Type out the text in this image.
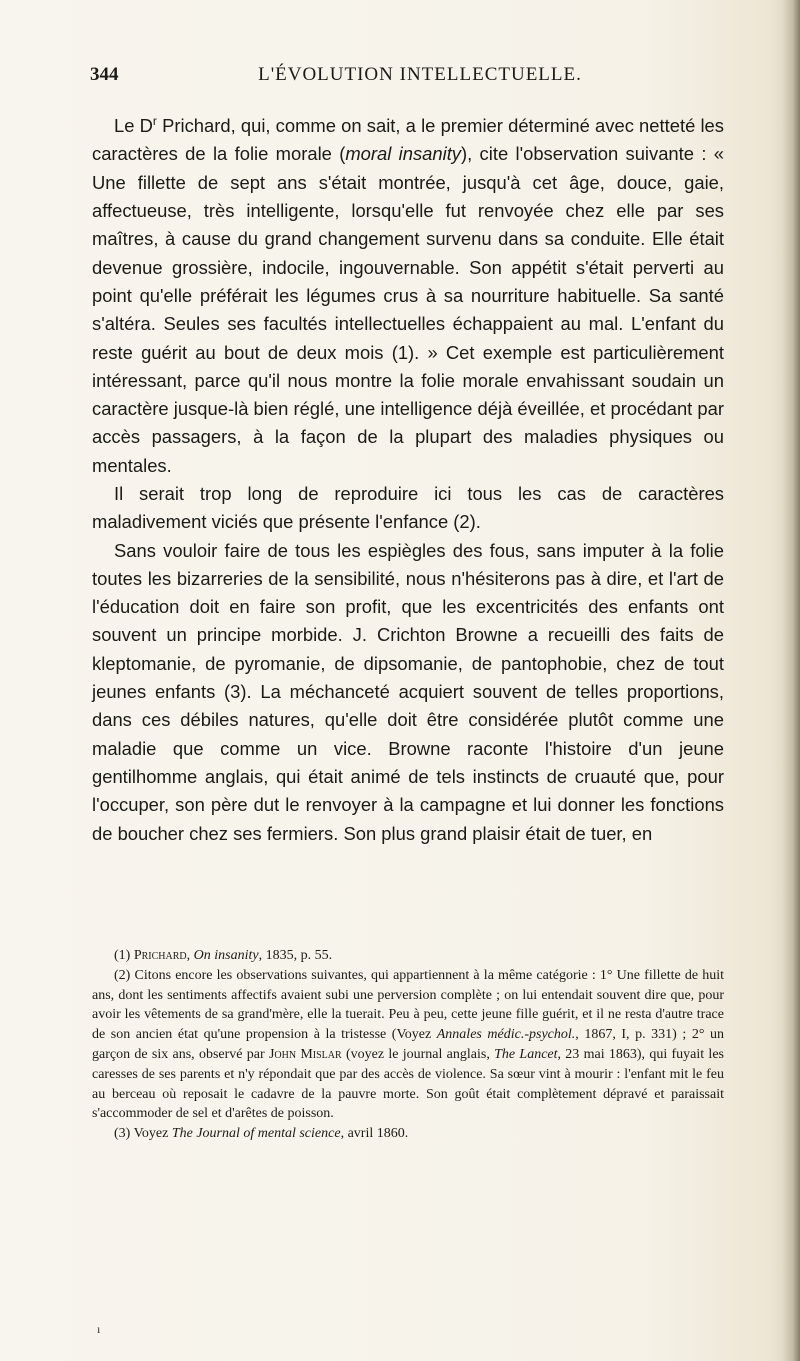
344	L'ÉVOLUTION INTELLECTUELLE.

Le $D^r$ Prichard, qui, comme on sait, a le premier déterminé avec netteté les caractères de la folie morale (moral insanity), cite l'observation suivante : « Une fillette de sept ans s'était montrée, jusqu'à cet âge, douce, gaie, affectueuse, très intelligente, lorsqu'elle fut renvoyée chez elle par ses maîtres, à cause du grand changement survenu dans sa conduite. Elle était devenue grossière, indocile, ingouvernable. Son appétit s'était perverti au point qu'elle préférait les légumes crus à sa nourriture habituelle. Sa santé s'altéra. Seules ses facultés intellectuelles échappaient au mal. L'enfant du reste guérit au bout de deux mois (1). » Cet exemple est particulièrement intéressant, parce qu'il nous montre la folie morale envahissant soudain un caractère jusque-là bien réglé, une intelligence déjà éveillée, et procédant par accès passagers, à la façon de la plupart des maladies physiques ou mentales.

Il serait trop long de reproduire ici tous les cas de caractères maladivement viciés que présente l'enfance (2).

Sans vouloir faire de tous les espiègles des fous, sans imputer à la folie toutes les bizarreries de la sensibilité, nous n'hésiterons pas à dire, et l'art de l'éducation doit en faire son profit, que les excentricités des enfants ont souvent un principe morbide. J. Crichton Browne a recueilli des faits de kleptomanie, de pyromanie, de dipsomanie, de pantophobie, chez de tout jeunes enfants (3). La méchanceté acquiert souvent de telles proportions, dans ces débiles natures, qu'elle doit être considérée plutôt comme une maladie que comme un vice. Browne raconte l'histoire d'un jeune gentilhomme anglais, qui était animé de tels instincts de cruauté que, pour l'occuper, son père dut le renvoyer à la campagne et lui donner les fonctions de boucher chez ses fermiers. Son plus grand plaisir était de tuer, en

(1) Prichard, On insanity, 1835, p. 55.

(2) Citons encore les observations suivantes, qui appartiennent à la même catégorie : 1° Une fillette de huit ans, dont les sentiments affectifs avaient subi une perversion complète ; on lui entendait souvent dire que, pour avoir les vêtements de sa grand'mère, elle la tuerait. Peu à peu, cette jeune fille guérit, et il ne resta d'autre trace de son ancien état qu'une propension à la tristesse (Voyez Annales médic.-psychol., 1867, I, p. 331) ; 2° un garçon de six ans, observé par John Mislar (voyez le journal anglais, The Lancet, 23 mai 1863), qui fuyait les caresses de ses parents et n'y répondait que par des accès de violence. Sa sœur vint à mourir : l'enfant mit le feu au berceau où reposait le cadavre de la pauvre morte. Son goût était complètement dépravé et paraissait s'accommoder de sel et d'arêtes de poisson.

(3) Voyez The Journal of mental science, avril 1860.

ı
